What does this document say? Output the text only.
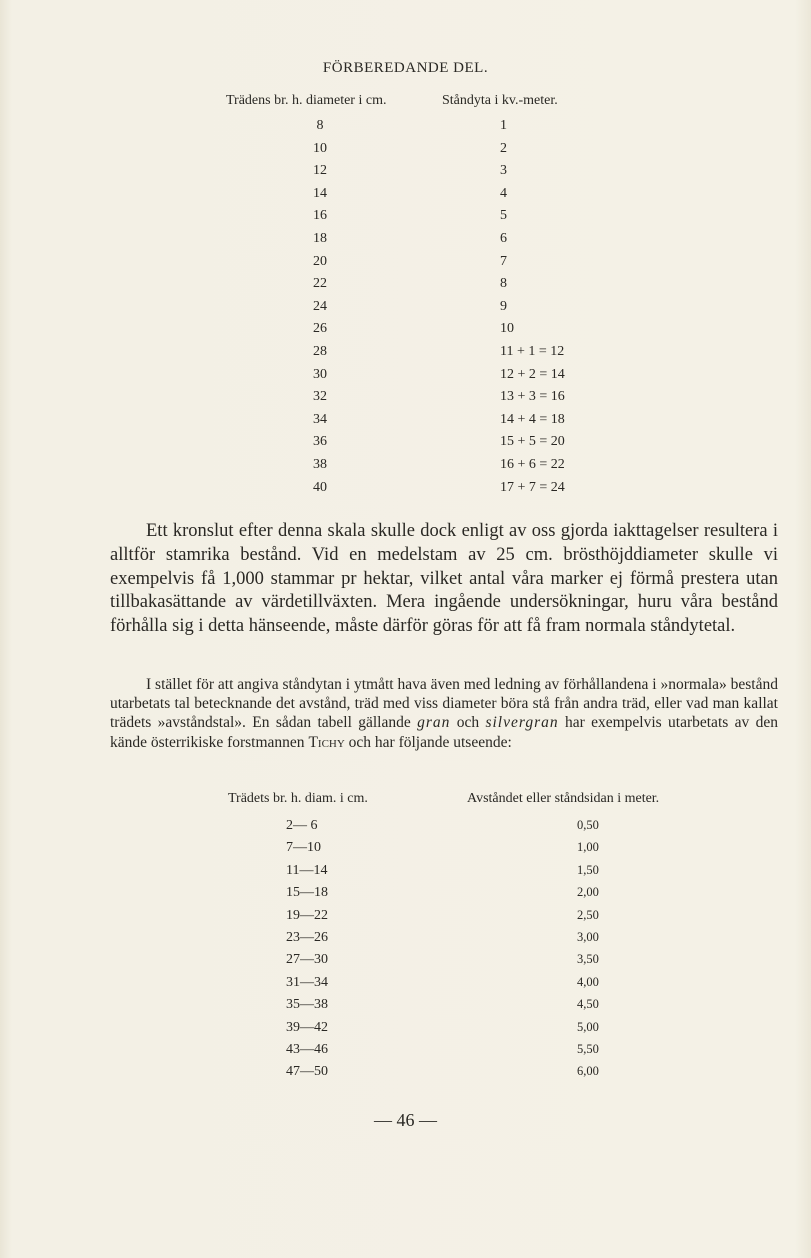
FÖRBEREDANDE DEL.
Trädens br. h. diameter i cm.	Ståndyta i kv.-meter.
8	1
10	2
12	3
14	4
16	5
18	6
20	7
22	8
24	9
26	10
28	11 + 1 = 12
30	12 + 2 = 14
32	13 + 3 = 16
34	14 + 4 = 18
36	15 + 5 = 20
38	16 + 6 = 22
40	17 + 7 = 24
Ett kronslut efter denna skala skulle dock enligt av oss gjorda iakttagelser resultera i alltför stamrika bestånd. Vid en medelstam av 25 cm. brösthöjddiameter skulle vi exempelvis få 1,000 stammar pr hektar, vilket antal våra marker ej förmå prestera utan tillbakasättande av värdetillväxten. Mera ingående undersökningar, huru våra bestånd förhålla sig i detta hänseende, måste därför göras för att få fram normala ståndytetal.
I stället för att angiva ståndytan i ytmått hava även med ledning av förhållandena i »normala» bestånd utarbetats tal betecknande det avstånd, träd med viss diameter böra stå från andra träd, eller vad man kallat trädets »avståndstal». En sådan tabell gällande gran och silvergran har exempelvis utarbetats av den kände österrikiske forstmannen Tichy och har följande utseende:
Trädets br. h. diam. i cm.	Avståndet eller ståndsidan i meter.
2— 6	0,50
7—10	1,00
11—14	1,50
15—18	2,00
19—22	2,50
23—26	3,00
27—30	3,50
31—34	4,00
35—38	4,50
39—42	5,00
43—46	5,50
47—50	6,00
— 46 —
